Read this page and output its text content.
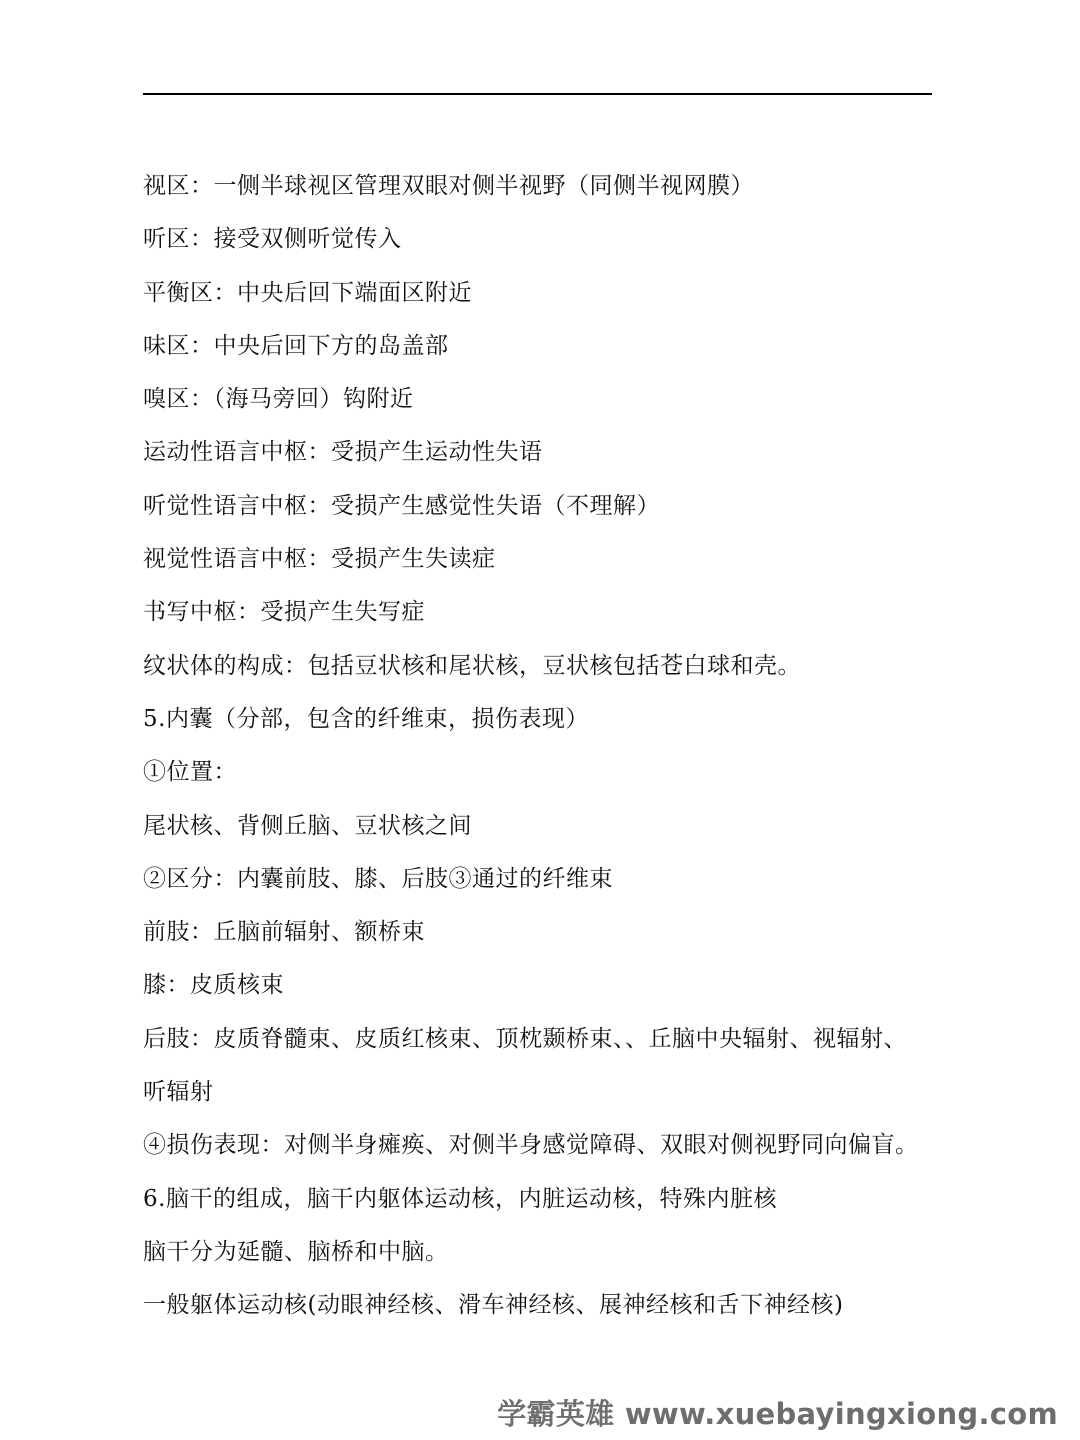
视区：一侧半球视区管理双眼对侧半视野（同侧半视网膜）
听区：接受双侧听觉传入
平衡区：中央后回下端面区附近
味区：中央后回下方的岛盖部
嗅区：（海马旁回）钩附近
运动性语言中枢：受损产生运动性失语
听觉性语言中枢：受损产生感觉性失语（不理解）
视觉性语言中枢：受损产生失读症
书写中枢：受损产生失写症
纹状体的构成：包括豆状核和尾状核，豆状核包括苍白球和壳。
5.内囊（分部，包含的纤维束，损伤表现）
①位置：
尾状核、背侧丘脑、豆状核之间
②区分：内囊前肢、膝、后肢③通过的纤维束
前肢：丘脑前辐射、额桥束
膝：皮质核束
后肢：皮质脊髓束、皮质红核束、顶枕颞桥束、、丘脑中央辐射、视辐射、
听辐射
④损伤表现：对侧半身瘫痪、对侧半身感觉障碍、双眼对侧视野同向偏盲。
6.脑干的组成，脑干内躯体运动核，内脏运动核，特殊内脏核
脑干分为延髓、脑桥和中脑。
一般躯体运动核(动眼神经核、滑车神经核、展神经核和舌下神经核)
学霸英雄 www.xuebayingxiong.com
